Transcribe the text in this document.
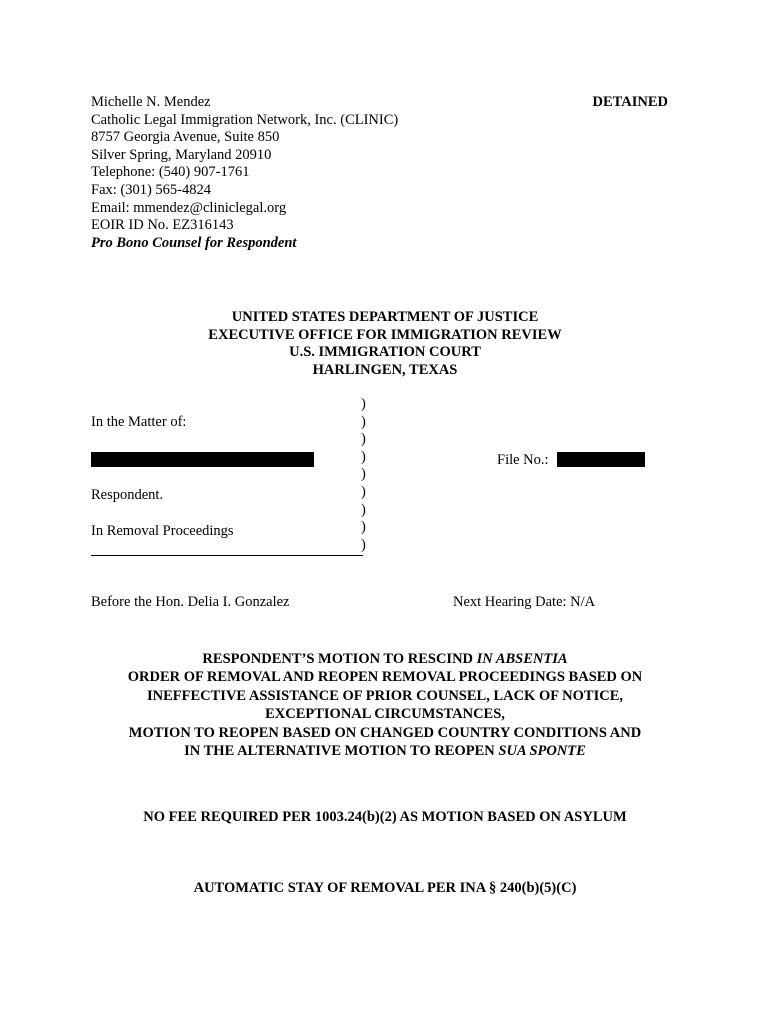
Michelle N. Mendez
Catholic Legal Immigration Network, Inc. (CLINIC)
8757 Georgia Avenue, Suite 850
Silver Spring, Maryland 20910
Telephone: (540) 907-1761
Fax: (301) 565-4824
Email: mmendez@cliniclegal.org
EOIR ID No. EZ316143
Pro Bono Counsel for Respondent
DETAINED
UNITED STATES DEPARTMENT OF JUSTICE
EXECUTIVE OFFICE FOR IMMIGRATION REVIEW
U.S. IMMIGRATION COURT
HARLINGEN, TEXAS
In the Matter of:
Respondent.
In Removal Proceedings
)
)
)
)
)
)
)
)
)
File No.:
Before the Hon. Delia I. Gonzalez	Next Hearing Date: N/A
RESPONDENT’S MOTION TO RESCIND IN ABSENTIA
ORDER OF REMOVAL AND REOPEN REMOVAL PROCEEDINGS BASED ON
INEFFECTIVE ASSISTANCE OF PRIOR COUNSEL, LACK OF NOTICE,
EXCEPTIONAL CIRCUMSTANCES,
MOTION TO REOPEN BASED ON CHANGED COUNTRY CONDITIONS AND
IN THE ALTERNATIVE MOTION TO REOPEN SUA SPONTE
NO FEE REQUIRED PER 1003.24(b)(2) AS MOTION BASED ON ASYLUM
AUTOMATIC STAY OF REMOVAL PER INA § 240(b)(5)(C)
